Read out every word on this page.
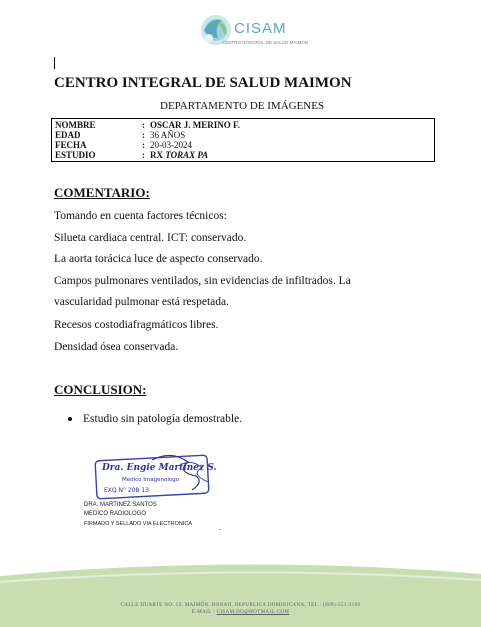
CISAM
CENTRO INTEGRAL DE SALUD MAIMON
CENTRO INTEGRAL DE SALUD MAIMON
DEPARTAMENTO DE IMÁGENES
NOMBRE	: OSCAR J. MERINO F.
EDAD	: 36 AÑOS
FECHA	: 20-03-2024
ESTUDIO	: RX TORAX PA
COMENTARIO:
Tomando en cuenta factores técnicos:
Silueta cardiaca central. ICT: conservado.
La aorta torácica luce de aspecto conservado.
Campos pulmonares ventilados, sin evidencias de infiltrados. La
vascularidad pulmonar está respetada.
Recesos costodiafragmáticos libres.
Densidad ósea conservada.
CONCLUSION:
Estudio sin patología demostrable.
Dra. Engie Martinez S.
Medico Imagenologo
EXQ N° 208 13
DRA. MARTINEZ SANTOS
MEDICO RADIOLOGO
FIRMADO Y SELLADO VIA ELECTRONICA	.
CALLE DUARTE NO. 13, MAIMÓN, BONAO, REPUBLICA DOMINICANA, TEL.: (809)-551-2100
E-MAIL : CISAM.DO@HOTMAIL.COM
